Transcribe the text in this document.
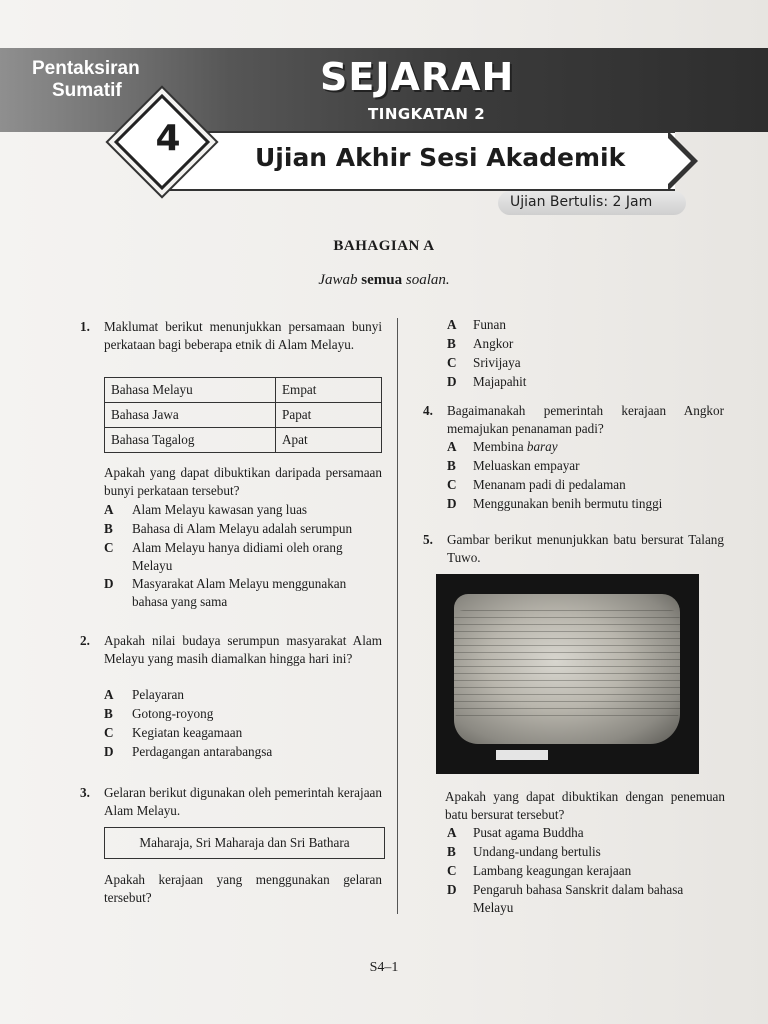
Pentaksiran
Sumatif	SEJARAH
TINGKATAN 2
Ujian Akhir Sesi Akademik
4
Ujian Bertulis: 2 Jam
BAHAGIAN A
Jawab semua soalan.
1. Maklumat berikut menunjukkan persamaan bunyi perkataan bagi beberapa etnik di Alam Melayu.
Bahasa Melayu	Empat
Bahasa Jawa	Papat
Bahasa Tagalog	Apat
Apakah yang dapat dibuktikan daripada persamaan bunyi perkataan tersebut?
A Alam Melayu kawasan yang luas
B Bahasa di Alam Melayu adalah serumpun
C Alam Melayu hanya didiami oleh orang Melayu
D Masyarakat Alam Melayu menggunakan bahasa yang sama
2. Apakah nilai budaya serumpun masyarakat Alam Melayu yang masih diamalkan hingga hari ini?
A Pelayaran
B Gotong-royong
C Kegiatan keagamaan
D Perdagangan antarabangsa
3. Gelaran berikut digunakan oleh pemerintah kerajaan Alam Melayu.
Maharaja, Sri Maharaja dan Sri Bathara
Apakah kerajaan yang menggunakan gelaran tersebut?
A Funan
B Angkor
C Srivijaya
D Majapahit
4. Bagaimanakah pemerintah kerajaan Angkor memajukan penanaman padi?
A Membina baray
B Meluaskan empayar
C Menanam padi di pedalaman
D Menggunakan benih bermutu tinggi
5. Gambar berikut menunjukkan batu bersurat Talang Tuwo.
Apakah yang dapat dibuktikan dengan penemuan batu bersurat tersebut?
A Pusat agama Buddha
B Undang-undang bertulis
C Lambang keagungan kerajaan
D Pengaruh bahasa Sanskrit dalam bahasa Melayu
S4–1
